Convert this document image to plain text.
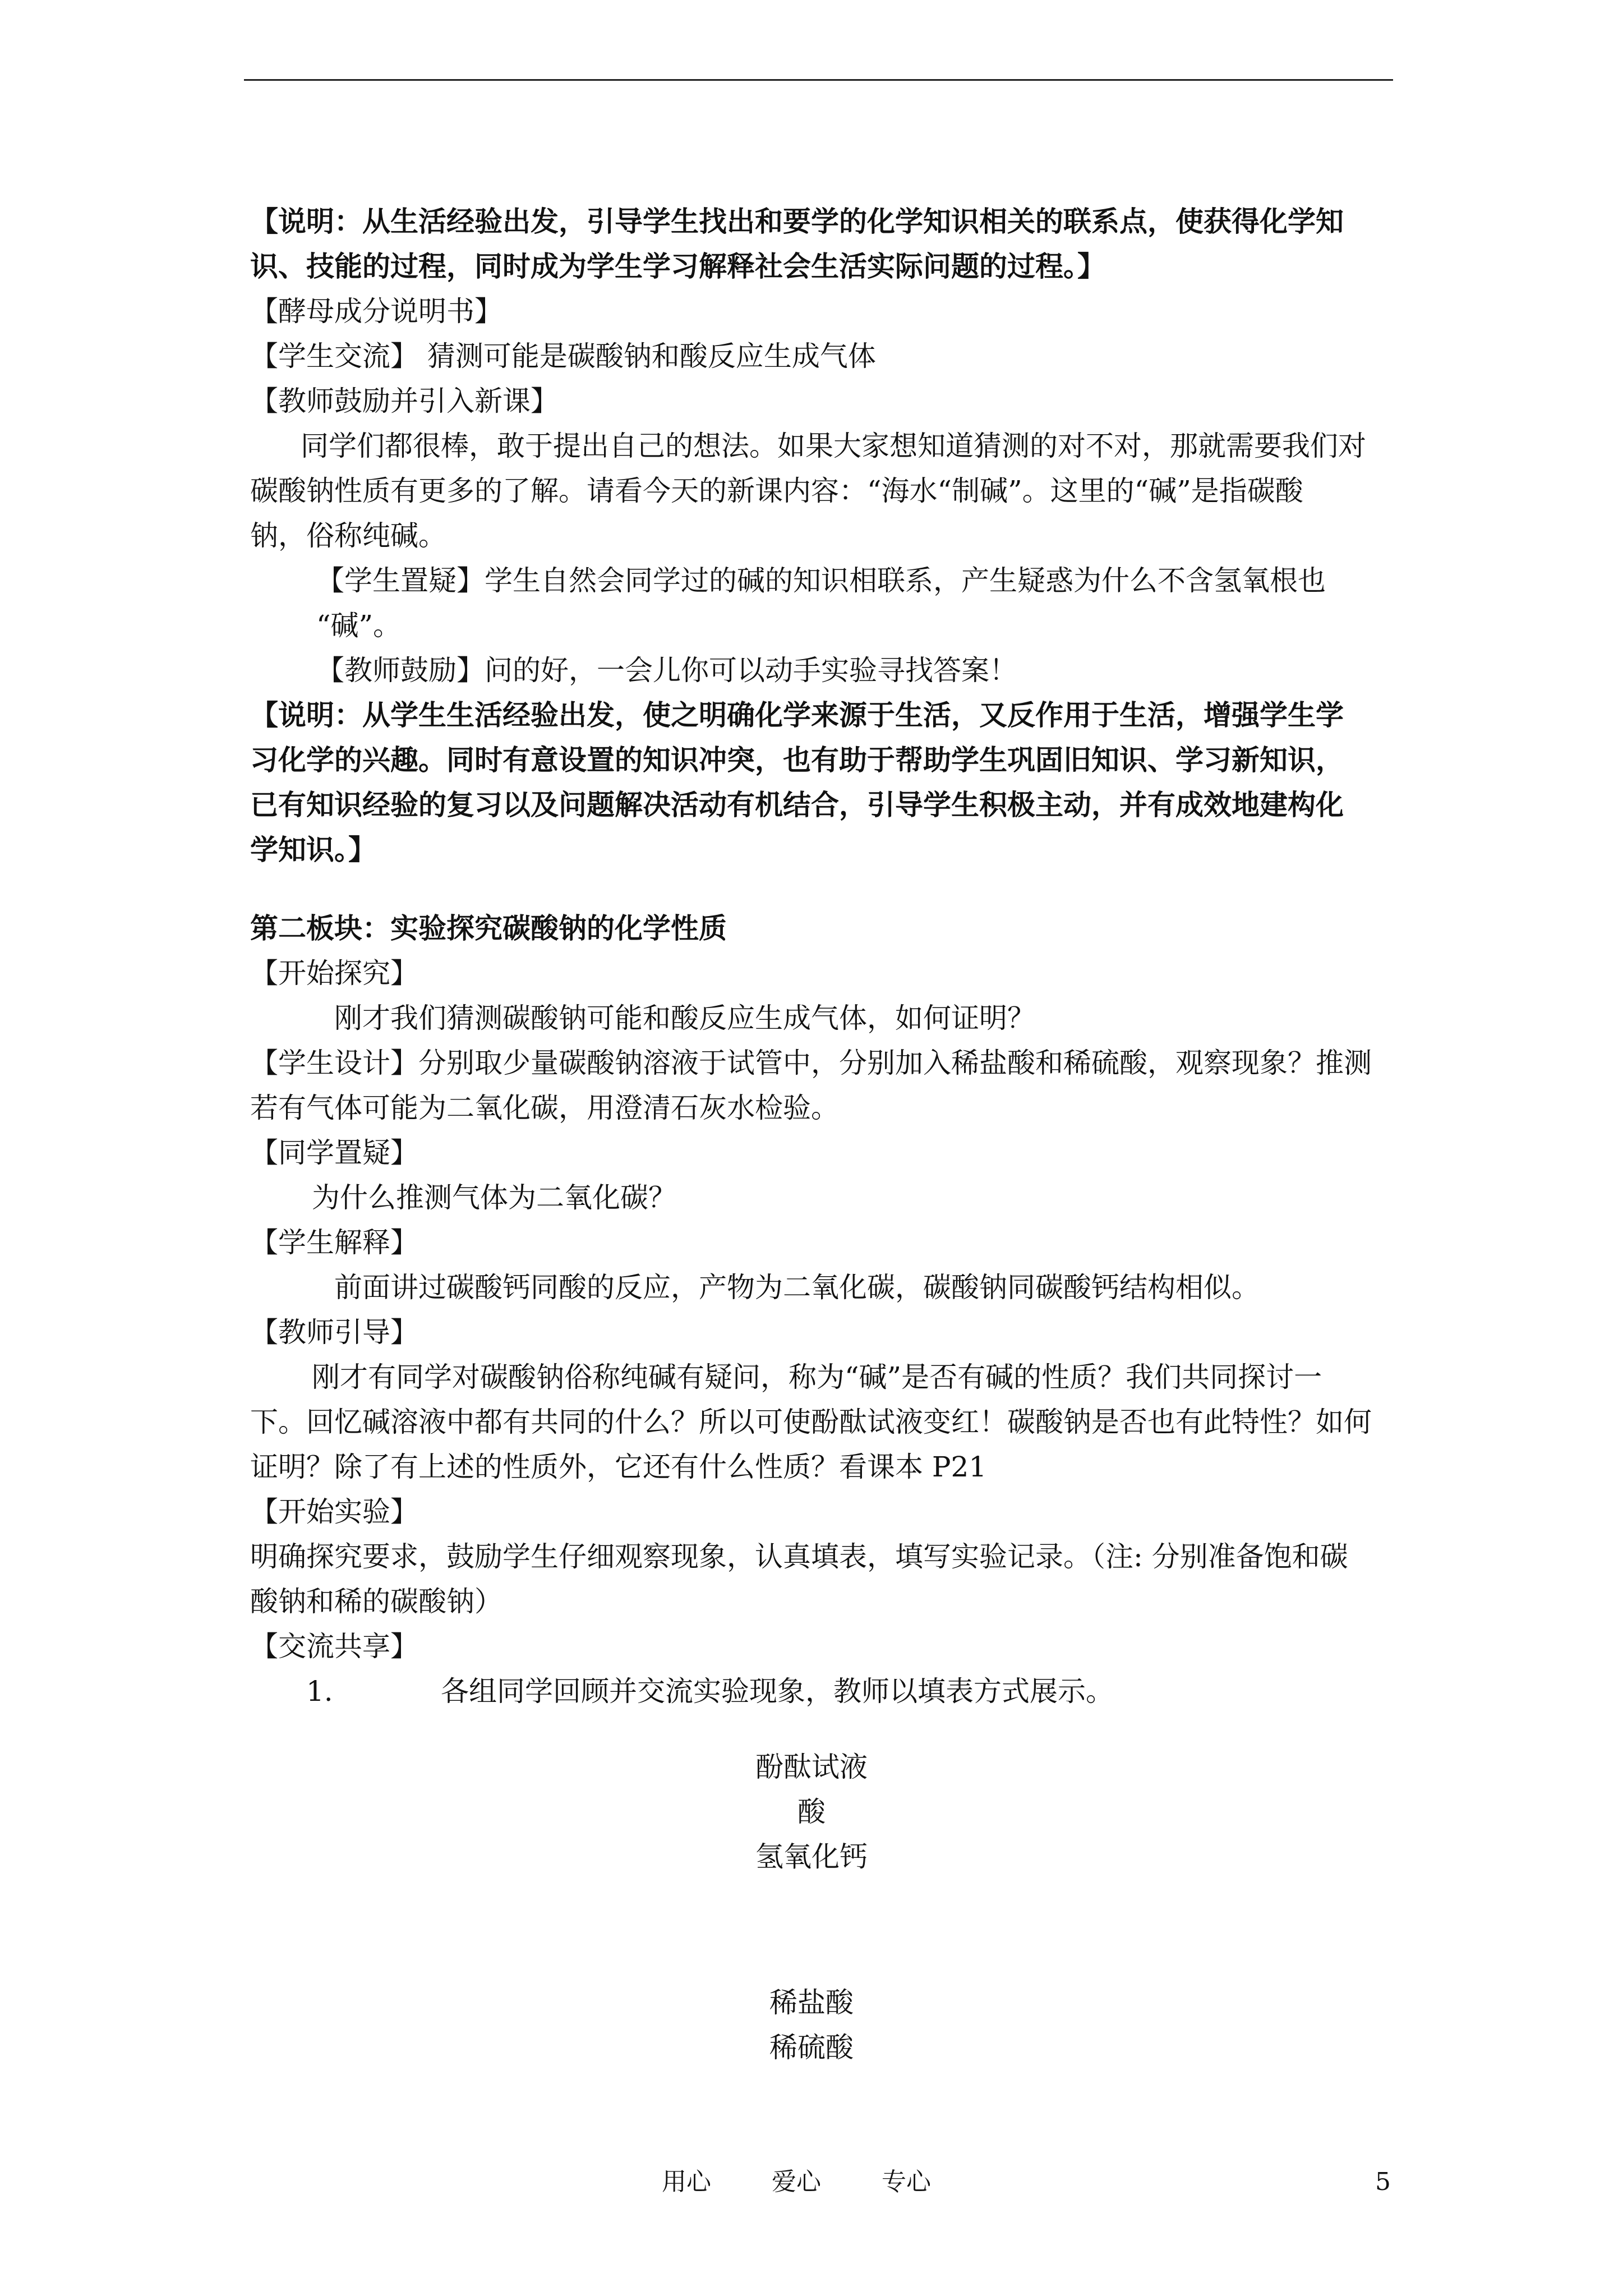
【说明：从生活经验出发，引导学生找出和要学的化学知识相关的联系点，使获得化学知
识、技能的过程，同时成为学生学习解释社会生活实际问题的过程。】
【酵母成分说明书】
【学生交流】 猜测可能是碳酸钠和酸反应生成气体
【教师鼓励并引入新课】
同学们都很棒，敢于提出自己的想法。如果大家想知道猜测的对不对，那就需要我们对
碳酸钠性质有更多的了解。请看今天的新课内容：“海水“制碱”。这里的“碱”是指碳酸
钠，俗称纯碱。
【学生置疑】学生自然会同学过的碱的知识相联系，产生疑惑为什么不含氢氧根也
“碱”。
【教师鼓励】问的好，一会儿你可以动手实验寻找答案！
【说明：从学生生活经验出发，使之明确化学来源于生活，又反作用于生活，增强学生学
习化学的兴趣。同时有意设置的知识冲突，也有助于帮助学生巩固旧知识、学习新知识，
已有知识经验的复习以及问题解决活动有机结合，引导学生积极主动，并有成效地建构化
学知识。】
第二板块：实验探究碳酸钠的化学性质
【开始探究】
刚才我们猜测碳酸钠可能和酸反应生成气体，如何证明？
【学生设计】分别取少量碳酸钠溶液于试管中，分别加入稀盐酸和稀硫酸，观察现象？推测
若有气体可能为二氧化碳，用澄清石灰水检验。
【同学置疑】
为什么推测气体为二氧化碳？
【学生解释】
前面讲过碳酸钙同酸的反应，产物为二氧化碳，碳酸钠同碳酸钙结构相似。
【教师引导】
刚才有同学对碳酸钠俗称纯碱有疑问，称为“碱”是否有碱的性质？我们共同探讨一
下。回忆碱溶液中都有共同的什么？所以可使酚酞试液变红！碳酸钠是否也有此特性？如何
证明？除了有上述的性质外，它还有什么性质？看课本 P21
【开始实验】
明确探究要求，鼓励学生仔细观察现象，认真填表，填写实验记录。（注: 分别准备饱和碳
酸钠和稀的碳酸钠）
【交流共享】
1.	各组同学回顾并交流实验现象，教师以填表方式展示。
酚酞试液
酸
氢氧化钙
稀盐酸
稀硫酸
用心 爱心 专心	5
